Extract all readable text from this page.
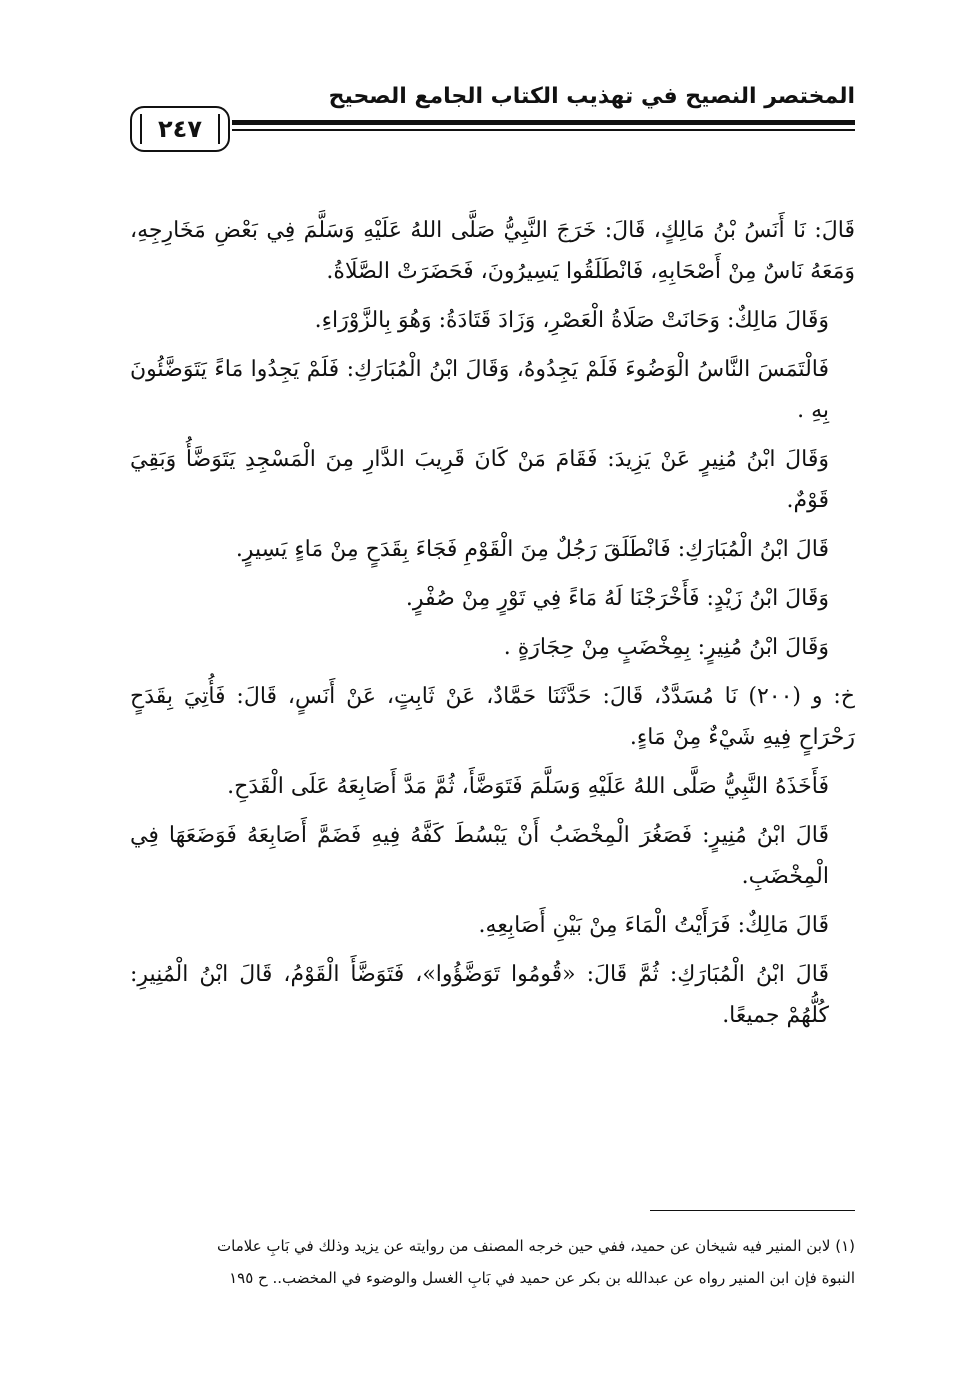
المختصر النصيح في تهذيب الكتاب الجامع الصحيح
٢٤٧

قَالَ: نَا أَنَسُ بْنُ مَالِكٍ، قَالَ: خَرَجَ النَّبِيُّ صَلَّى اللهُ عَلَيْهِ وَسَلَّمَ فِي بَعْضِ مَخَارِجِهِ، وَمَعَهُ نَاسٌ مِنْ أَصْحَابِهِ، فَانْطَلَقُوا يَسِيرُونَ، فَحَضَرَتْ الصَّلَاةُ.

وَقَالَ مَالِكٌ: وَحَانَتْ صَلَاةُ الْعَصْرِ، وَزَادَ قَتَادَةُ: وَهُوَ بِالزَّوْرَاءِ.

فَالْتَمَسَ النَّاسُ الْوَضُوءَ فَلَمْ يَجِدُوهُ، وَقَالَ ابْنُ الْمُبَارَكِ: فَلَمْ يَجِدُوا مَاءً يَتَوَضَّئُونَ بِهِ .

وَقَالَ ابْنُ مُنِيرٍ عَنْ يَزِيدَ: فَقَامَ مَنْ كَانَ قَرِيبَ الدَّارِ مِنَ الْمَسْجِدِ يَتَوَضَّأُ وَبَقِيَ قَوْمٌ.

قَالَ ابْنُ الْمُبَارَكِ: فَانْطَلَقَ رَجُلٌ مِنَ الْقَوْمِ فَجَاءَ بِقَدَحٍ مِنْ مَاءٍ يَسِيرٍ.

وَقَالَ ابْنُ زَيْدٍ: فَأَخْرَجْنَا لَهُ مَاءً فِي تَوْرٍ مِنْ صُفْرٍ.

وَقَالَ ابْنُ مُنِيرٍ: بِمِخْضَبٍ مِنْ حِجَارَةٍ .

خ: و (٢٠٠) نَا مُسَدَّدٌ، قَالَ: حَدَّثَنَا حَمَّادٌ، عَنْ ثَابِتٍ، عَنْ أَنَسٍ، قَالَ: فَأُتِيَ بِقَدَحٍ رَحْرَاحٍ فِيهِ شَيْءٌ مِنْ مَاءٍ.

فَأَخَذَهُ النَّبِيُّ صَلَّى اللهُ عَلَيْهِ وَسَلَّمَ فَتَوَضَّأَ، ثُمَّ مَدَّ أَصَابِعَهُ عَلَى الْقَدَحِ.

قَالَ ابْنُ مُنِيرٍ: فَصَغُرَ الْمِخْضَبُ أَنْ يَبْسُطَ كَفَّهُ فِيهِ فَضَمَّ أَصَابِعَهُ فَوَضَعَهَا فِي الْمِخْضَبِ.

قَالَ مَالِكٌ: فَرَأَيْتُ الْمَاءَ مِنْ بَيْنِ أَصَابِعِهِ.

قَالَ ابْنُ الْمُبَارَكِ: ثُمَّ قَالَ: «قُومُوا تَوَضَّؤُوا»، فَتَوَضَّأَ الْقَوْمُ، قَالَ ابْنُ الْمُنِيرِ: كُلُّهُمْ جميعًا.

(١) لابن المنير فيه شيخان عن حميد، ففي حين خرجه المصنف من روايته عن يزيد وذلك في بَابِ علامات

النبوة فإن ابن المنير رواه عن عبدالله بن بكر عن حميد في بَابِ الغسل والوضوء في المخضب.. ح ١٩٥
